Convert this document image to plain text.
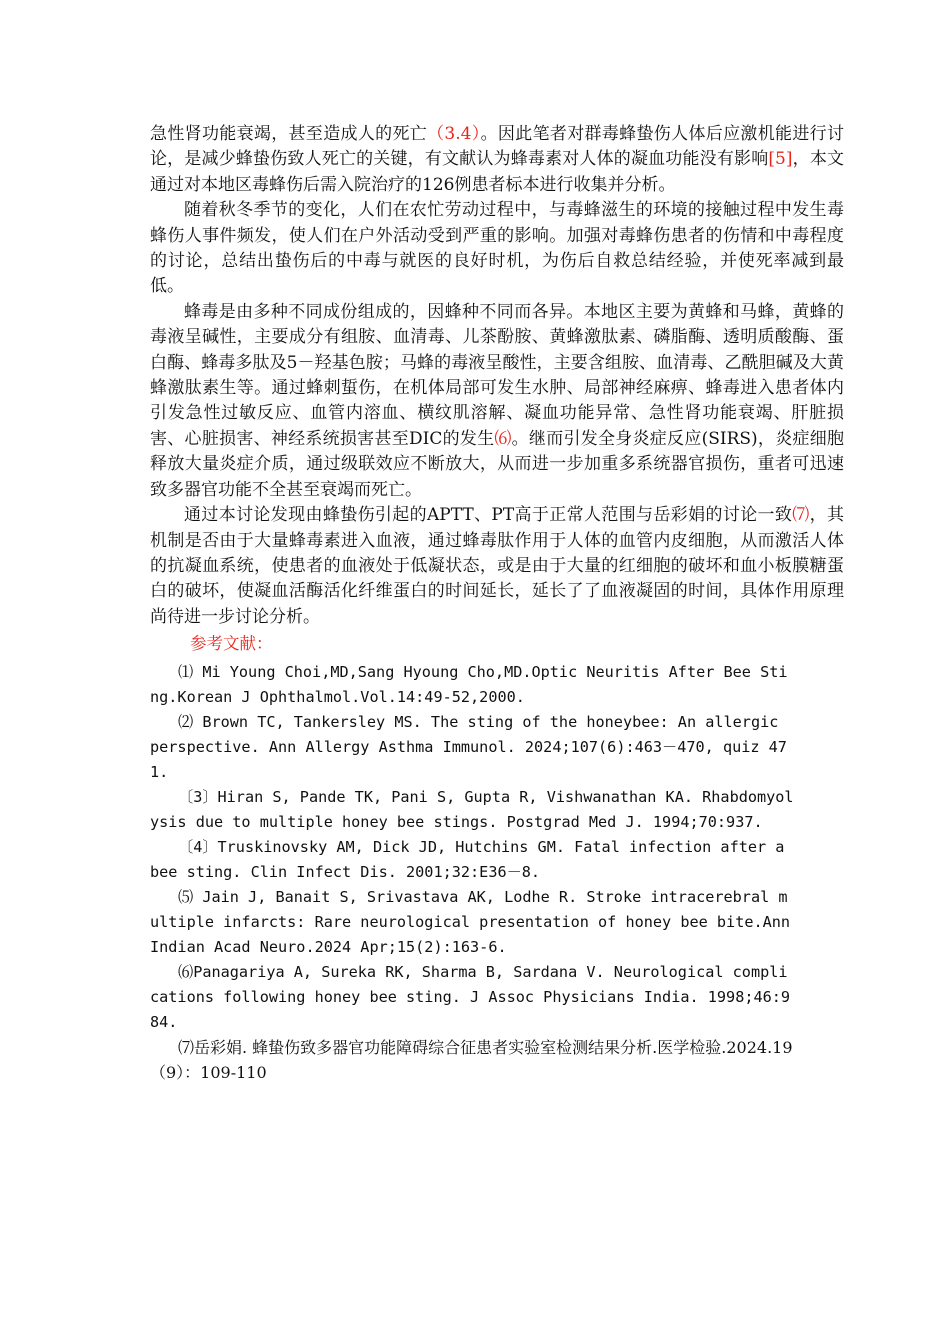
急性肾功能衰竭，甚至造成人的死亡（3.4）。因此笔者对群毒蜂蛰伤人体后应激机能进行讨论，是减少蜂蛰伤致人死亡的关键，有文献认为蜂毒素对人体的凝血功能没有影响[5]，本文通过对本地区毒蜂伤后需入院治疗的126例患者标本进行收集并分析。

随着秋冬季节的变化，人们在农忙劳动过程中，与毒蜂滋生的环境的接触过程中发生毒蜂伤人事件频发，使人们在户外活动受到严重的影响。加强对毒蜂伤患者的伤情和中毒程度的讨论，总结出蛰伤后的中毒与就医的良好时机，为伤后自救总结经验，并使死率减到最低。

蜂毒是由多种不同成份组成的，因蜂种不同而各异。本地区主要为黄蜂和马蜂，黄蜂的毒液呈碱性，主要成分有组胺、血清毒、儿茶酚胺、黄蜂激肽素、磷脂酶、透明质酸酶、蛋白酶、蜂毒多肽及5－羟基色胺；马蜂的毒液呈酸性，主要含组胺、血清毒、乙酰胆碱及大黄蜂激肽素生等。通过蜂刺蜇伤，在机体局部可发生水肿、局部神经麻痹、蜂毒进入患者体内引发急性过敏反应、血管内溶血、横纹肌溶解、凝血功能异常、急性肾功能衰竭、肝脏损害、心脏损害、神经系统损害甚至DIC的发生⑹。继而引发全身炎症反应(SIRS)，炎症细胞释放大量炎症介质，通过级联效应不断放大，从而进一步加重多系统器官损伤，重者可迅速致多器官功能不全甚至衰竭而死亡。

通过本讨论发现由蜂蛰伤引起的APTT、PT高于正常人范围与岳彩娟的讨论一致⑺，其机制是否由于大量蜂毒素进入血液，通过蜂毒肽作用于人体的血管内皮细胞，从而激活人体的抗凝血系统，使患者的血液处于低凝状态，或是由于大量的红细胞的破坏和血小板膜糖蛋白的破坏，使凝血活酶活化纤维蛋白的时间延长，延长了了血液凝固的时间，具体作用原理尚待进一步讨论分析。

参考文献：

⑴ Mi Young Choi,MD,Sang Hyoung Cho,MD.Optic Neuritis After Bee Sting.Korean J Ophthalmol.Vol.14:49-52,2000.

⑵ Brown TC, Tankersley MS. The sting of the honeybee: An allergic perspective. Ann Allergy Asthma Immunol. 2024;107(6):463－470, quiz 471.

〔3〕Hiran S, Pande TK, Pani S, Gupta R, Vishwanathan KA. Rhabdomyolysis due to multiple honey bee stings. Postgrad Med J. 1994;70:937.

〔4〕Truskinovsky AM, Dick JD, Hutchins GM. Fatal infection after a bee sting. Clin Infect Dis. 2001;32:E36－8.

⑸ Jain J, Banait S, Srivastava AK, Lodhe R. Stroke intracerebral multiple infarcts: Rare neurological presentation of honey bee bite.Ann Indian Acad Neuro.2024 Apr;15(2):163-6.

⑹Panagariya A, Sureka RK, Sharma B, Sardana V. Neurological complications following honey bee sting. J Assoc Physicians India. 1998;46:984.

⑺岳彩娟. 蜂蛰伤致多器官功能障碍综合征患者实验室检测结果分析.医学检验.2024.19（9）：109-110
